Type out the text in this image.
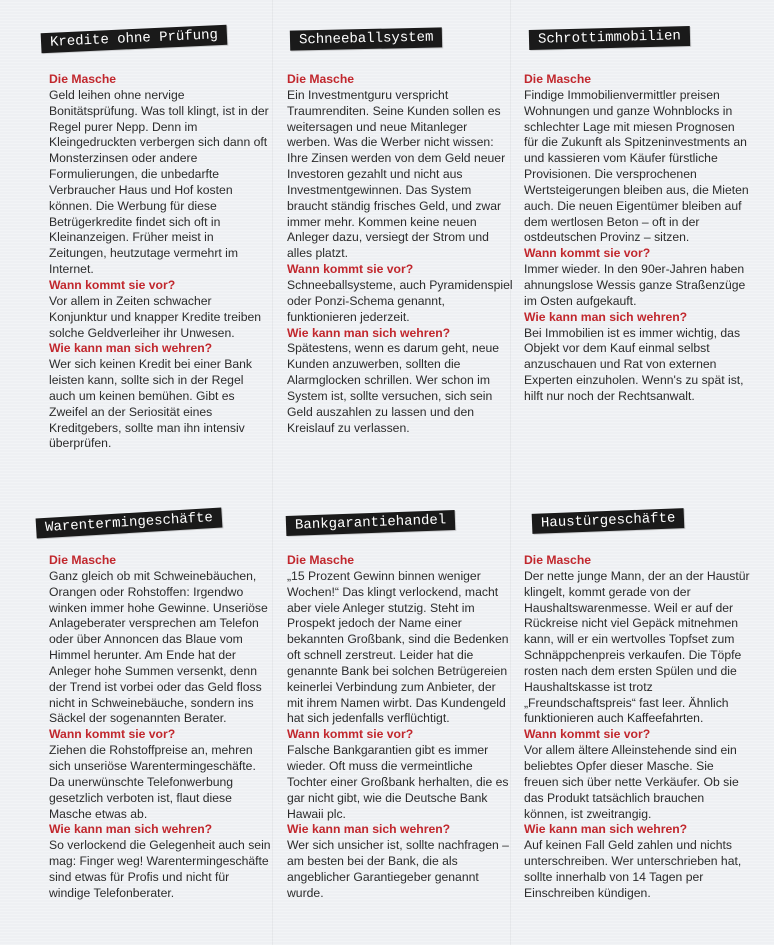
Kredite ohne Prüfung
Die Masche
Geld leihen ohne nervige Bonitätsprüfung. Was toll klingt, ist in der Regel purer Nepp. Denn im Kleingedruckten verbergen sich dann oft Monsterzinsen oder andere Formulierungen, die unbedarfte Verbraucher Haus und Hof kosten können. Die Werbung für diese Betrügerkredite findet sich oft in Kleinanzeigen. Früher meist in Zeitungen, heutzutage vermehrt im Internet.
Wann kommt sie vor?
Vor allem in Zeiten schwacher Konjunktur und knapper Kredite treiben solche Geldverleiher ihr Unwesen.
Wie kann man sich wehren?
Wer sich keinen Kredit bei einer Bank leisten kann, sollte sich in der Regel auch um keinen bemühen. Gibt es Zweifel an der Seriosität eines Kreditgebers, sollte man ihn intensiv überprüfen.
Schneeballsystem
Die Masche
Ein Investmentguru verspricht Traumrenditen. Seine Kunden sollen es weitersagen und neue Mitanleger werben. Was die Werber nicht wissen: Ihre Zinsen werden von dem Geld neuer Investoren gezahlt und nicht aus Investmentgewinnen. Das System braucht ständig frisches Geld, und zwar immer mehr. Kommen keine neuen Anleger dazu, versiegt der Strom und alles platzt.
Wann kommt sie vor?
Schneeballsysteme, auch Pyramidenspiel oder Ponzi-Schema genannt, funktionieren jederzeit.
Wie kann man sich wehren?
Spätestens, wenn es darum geht, neue Kunden anzuwerben, sollten die Alarmglocken schrillen. Wer schon im System ist, sollte versuchen, sich sein Geld auszahlen zu lassen und den Kreislauf zu verlassen.
Schrottimmobilien
Die Masche
Findige Immobilienvermittler preisen Wohnungen und ganze Wohnblocks in schlechter Lage mit miesen Prognosen für die Zukunft als Spitzeninvestments an und kassieren vom Käufer fürstliche Provisionen. Die versprochenen Wertsteigerungen bleiben aus, die Mieten auch. Die neuen Eigentümer bleiben auf dem wertlosen Beton – oft in der ostdeutschen Provinz – sitzen.
Wann kommt sie vor?
Immer wieder. In den 90er-Jahren haben ahnungslose Wessis ganze Straßenzüge im Osten aufgekauft.
Wie kann man sich wehren?
Bei Immobilien ist es immer wichtig, das Objekt vor dem Kauf einmal selbst anzuschauen und Rat von externen Experten einzuholen. Wenn's zu spät ist, hilft nur noch der Rechtsanwalt.
Warentermingeschäfte
Die Masche
Ganz gleich ob mit Schweinebäuchen, Orangen oder Rohstoffen: Irgendwo winken immer hohe Gewinne. Unseriöse Anlageberater versprechen am Telefon oder über Annoncen das Blaue vom Himmel herunter. Am Ende hat der Anleger hohe Summen versenkt, denn der Trend ist vorbei oder das Geld floss nicht in Schweinebäuche, sondern ins Säckel der sogenannten Berater.
Wann kommt sie vor?
Ziehen die Rohstoffpreise an, mehren sich unseriöse Warentermingeschäfte. Da unerwünschte Telefonwerbung gesetzlich verboten ist, flaut diese Masche etwas ab.
Wie kann man sich wehren?
So verlockend die Gelegenheit auch sein mag: Finger weg! Warentermingeschäfte sind etwas für Profis und nicht für windige Telefonberater.
Bankgarantiehandel
Die Masche
„15 Prozent Gewinn binnen weniger Wochen!“ Das klingt verlockend, macht aber viele Anleger stutzig. Steht im Prospekt jedoch der Name einer bekannten Großbank, sind die Bedenken oft schnell zerstreut. Leider hat die genannte Bank bei solchen Betrügereien keinerlei Verbindung zum Anbieter, der mit ihrem Namen wirbt. Das Kundengeld hat sich jedenfalls verflüchtigt.
Wann kommt sie vor?
Falsche Bankgarantien gibt es immer wieder. Oft muss die vermeintliche Tochter einer Großbank herhalten, die es gar nicht gibt, wie die Deutsche Bank Hawaii plc.
Wie kann man sich wehren?
Wer sich unsicher ist, sollte nachfragen – am besten bei der Bank, die als angeblicher Garantiegeber genannt wurde.
Haustürgeschäfte
Die Masche
Der nette junge Mann, der an der Haustür klingelt, kommt gerade von der Haushaltswarenmesse. Weil er auf der Rückreise nicht viel Gepäck mitnehmen kann, will er ein wertvolles Topfset zum Schnäppchenpreis verkaufen. Die Töpfe rosten nach dem ersten Spülen und die Haushaltskasse ist trotz „Freundschaftspreis“ fast leer. Ähnlich funktionieren auch Kaffeefahrten.
Wann kommt sie vor?
Vor allem ältere Alleinstehende sind ein beliebtes Opfer dieser Masche. Sie freuen sich über nette Verkäufer. Ob sie das Produkt tatsächlich brauchen können, ist zweitrangig.
Wie kann man sich wehren?
Auf keinen Fall Geld zahlen und nichts unterschreiben. Wer unterschrieben hat, sollte innerhalb von 14 Tagen per Einschreiben kündigen.
